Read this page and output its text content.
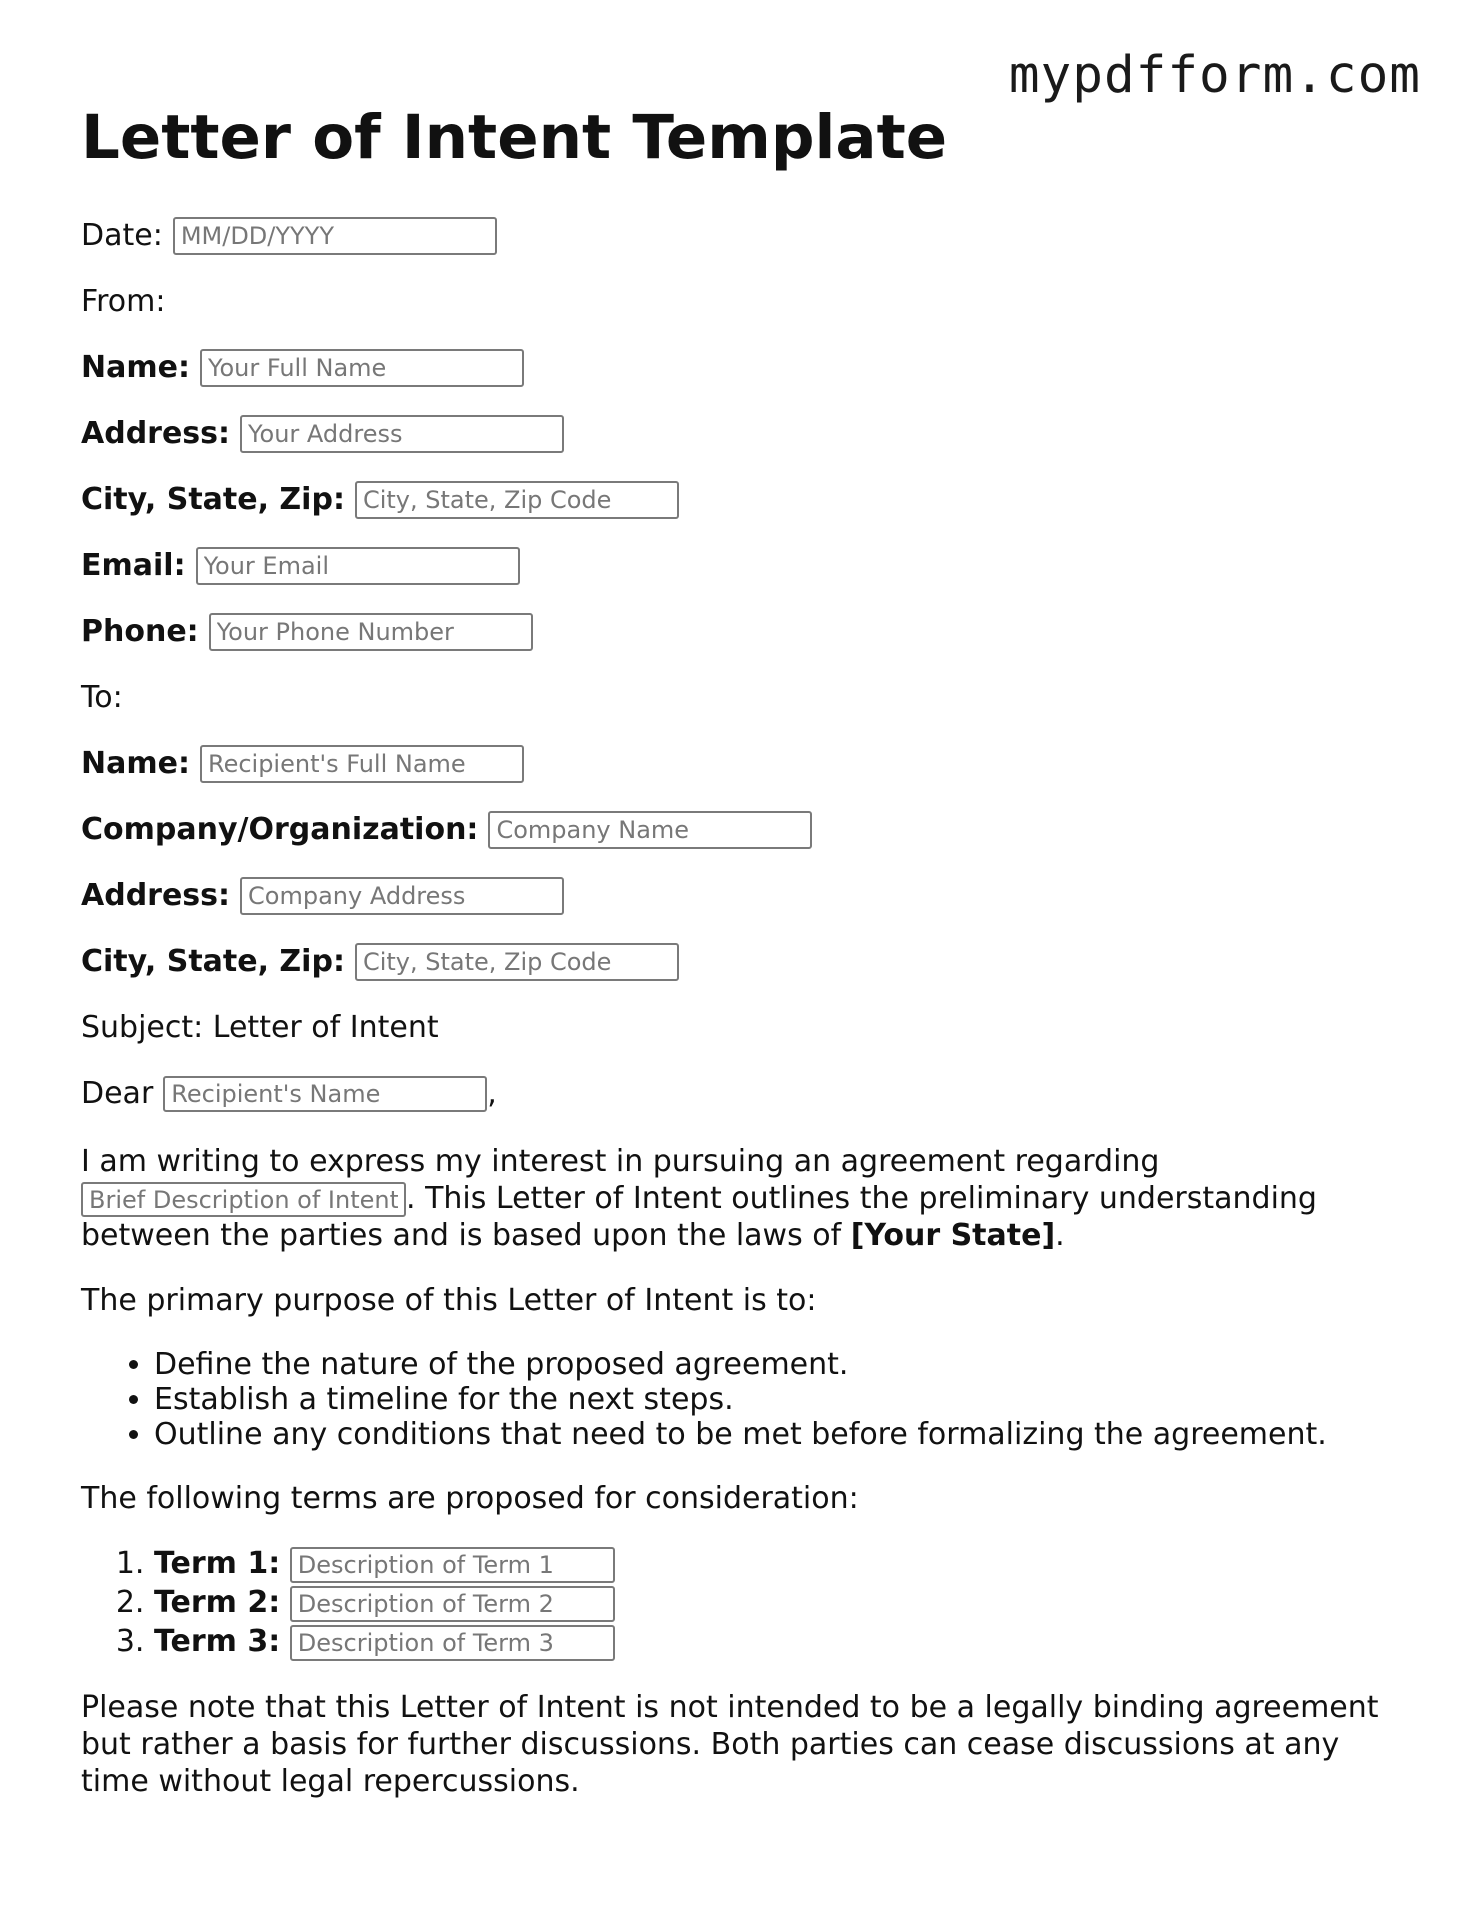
mypdfform.com
Letter of Intent Template
Date:
MM/DD/YYYY
From:
Name:
Your Full Name
Address:
Your Address
City, State, Zip:
City, State, Zip Code
Email:
Your Email
Phone:
Your Phone Number
To:
Name:
Recipient's Full Name
Company/Organization:
Company Name
Address:
Company Address
City, State, Zip:
City, State, Zip Code
Subject: Letter of Intent
Dear
Recipient's Name	,

I am writing to express my interest in pursuing an agreement regarding
Brief Description of Intent. This Letter of Intent outlines the preliminary understanding between the parties and is based upon the laws of [Your State].

The primary purpose of this Letter of Intent is to:

• Define the nature of the proposed agreement.
• Establish a timeline for the next steps.
• Outline any conditions that need to be met before formalizing the agreement.

The following terms are proposed for consideration:

1. Term 1: Description of Term 1
2. Term 2: Description of Term 2
3. Term 3: Description of Term 3

Please note that this Letter of Intent is not intended to be a legally binding agreement but rather a basis for further discussions. Both parties can cease discussions at any time without legal repercussions.
